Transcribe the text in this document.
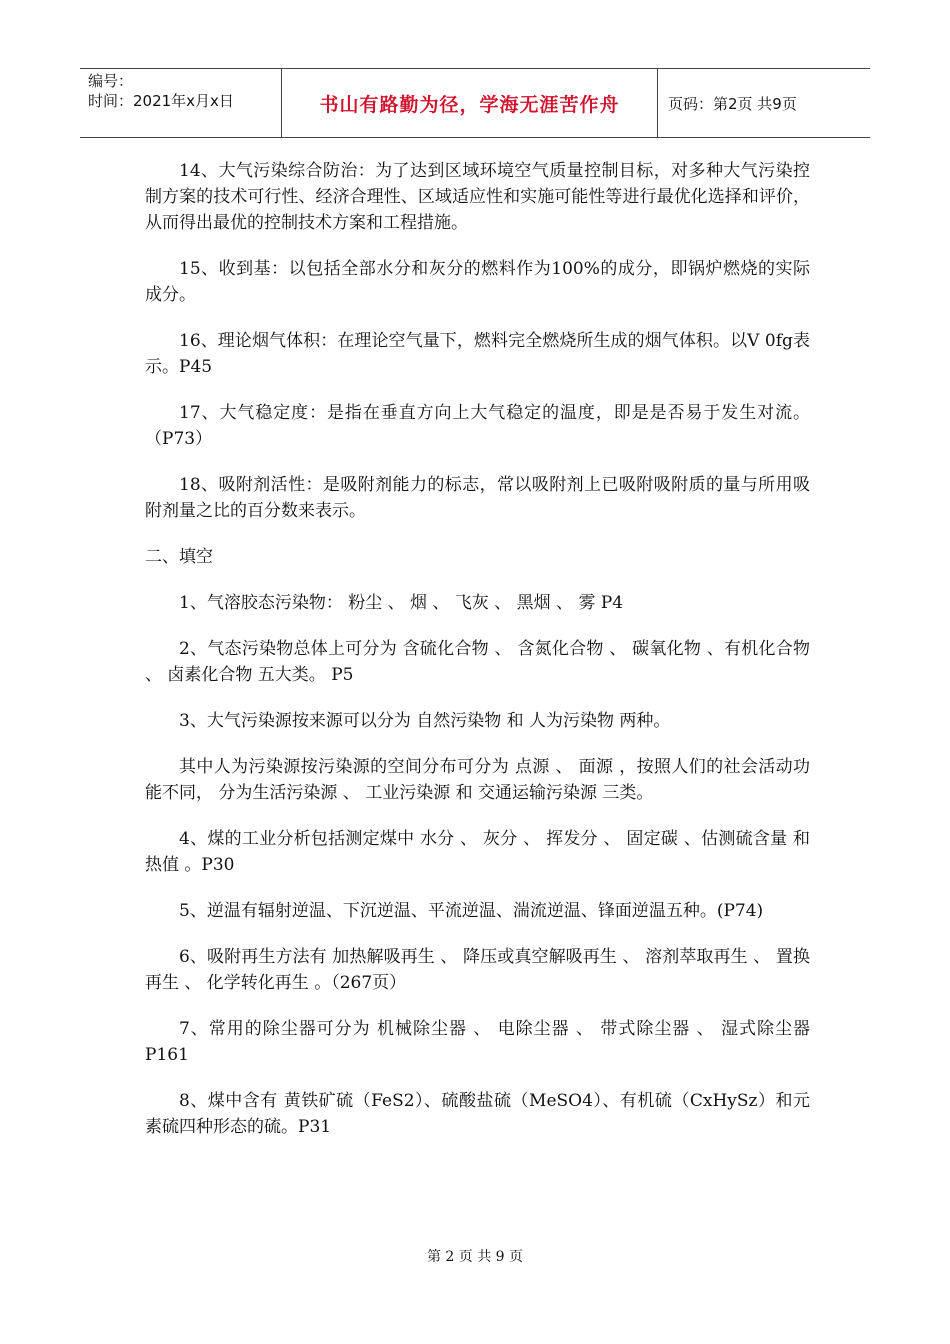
编号：
时间：2021年x月x日	书山有路勤为径，学海无涯苦作舟	页码：第2页 共9页

14、大气污染综合防治：为了达到区域环境空气质量控制目标，对多种大气污染控制方案的技术可行性、经济合理性、区域适应性和实施可能性等进行最优化选择和评价，从而得出最优的控制技术方案和工程措施。

15、收到基：以包括全部水分和灰分的燃料作为100%的成分，即锅炉燃烧的实际成分。

16、理论烟气体积：在理论空气量下，燃料完全燃烧所生成的烟气体积。以V 0fg表示。P45

17、大气稳定度：是指在垂直方向上大气稳定的温度，即是是否易于发生对流。（P73）

18、吸附剂活性：是吸附剂能力的标志，常以吸附剂上已吸附吸附质的量与所用吸附剂量之比的百分数来表示。

二、填空

1、气溶胶态污染物： 粉尘 、 烟 、 飞灰 、 黑烟 、 雾 P4

2、气态污染物总体上可分为 含硫化合物 、 含氮化合物 、 碳氧化物 、有机化合物 、 卤素化合物 五大类。 P5

3、大气污染源按来源可以分为 自然污染物 和 人为污染物 两种。

其中人为污染源按污染源的空间分布可分为 点源 、 面源 ，按照人们的社会活动功能不同， 分为生活污染源 、 工业污染源 和 交通运输污染源 三类。

4、煤的工业分析包括测定煤中 水分 、 灰分 、 挥发分 、 固定碳 、估测硫含量 和 热值 。P30

5、逆温有辐射逆温、下沉逆温、平流逆温、湍流逆温、锋面逆温五种。(P74)

6、吸附再生方法有 加热解吸再生 、 降压或真空解吸再生 、 溶剂萃取再生 、 置换再生 、 化学转化再生 。（267页）

7、常用的除尘器可分为 机械除尘器 、 电除尘器 、 带式除尘器 、 湿式除尘器P161

8、煤中含有 黄铁矿硫（FeS2）、硫酸盐硫（MeSO4）、有机硫（CxHySz）和元素硫四种形态的硫。P31

第 2 页 共 9 页
